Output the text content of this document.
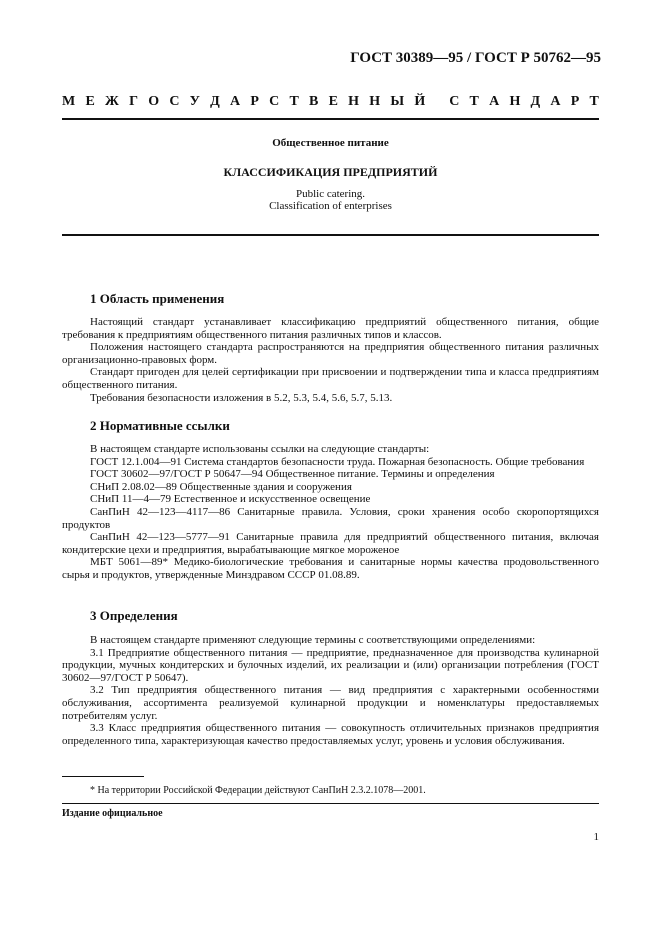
ГОСТ 30389—95 / ГОСТ Р 50762—95
М Е Ж Г О С У Д А Р С Т В Е Н Н Ы Й
С Т А Н Д А Р Т
Общественное питание
КЛАССИФИКАЦИЯ ПРЕДПРИЯТИЙ
Public catering.
Classification of enterprises
1 Область применения

Настоящий стандарт устанавливает классификацию предприятий общественного питания, общие требования к предприятиям общественного питания различных типов и классов.

Положения настоящего стандарта распространяются на предприятия общественного питания различных организационно-правовых форм.

Стандарт пригоден для целей сертификации при присвоении и подтверждении типа и класса предприятиям общественного питания.

Требования безопасности изложения в 5.2, 5.3, 5.4, 5.6, 5.7, 5.13.

2 Нормативные ссылки

В настоящем стандарте использованы ссылки на следующие стандарты:

ГОСТ 12.1.004—91 Система стандартов безопасности труда. Пожарная безопасность. Общие требования

ГОСТ 30602—97/ГОСТ Р 50647—94 Общественное питание. Термины и определения

СНиП 2.08.02—89 Общественные здания и сооружения

СНиП 11—4—79 Естественное и искусственное освещение

СанПиН 42—123—4117—86 Санитарные правила. Условия, сроки хранения особо скоропортящихся продуктов

СанПиН 42—123—5777—91 Санитарные правила для предприятий общественного питания, включая кондитерские цехи и предприятия, вырабатывающие мягкое мороженое

МБТ 5061—89* Медико-биологические требования и санитарные нормы качества продовольственного сырья и продуктов, утвержденные Минздравом СССР 01.08.89.

3 Определения

В настоящем стандарте применяют следующие термины с соответствующими определениями:

3.1 Предприятие общественного питания — предприятие, предназначенное для производства кулинарной продукции, мучных кондитерских и булочных изделий, их реализации и (или) организации потребления (ГОСТ 30602—97/ГОСТ Р 50647).

3.2 Тип предприятия общественного питания — вид предприятия с характерными особенностями обслуживания, ассортимента реализуемой кулинарной продукции и номенклатуры предоставляемых потребителям услуг.

3.3 Класс предприятия общественного питания — совокупность отличительных признаков предприятия определенного типа, характеризующая качество предоставляемых услуг, уровень и условия обслуживания.

* На территории Российской Федерации действуют СанПиН 2.3.2.1078—2001.
Издание официальное
1
